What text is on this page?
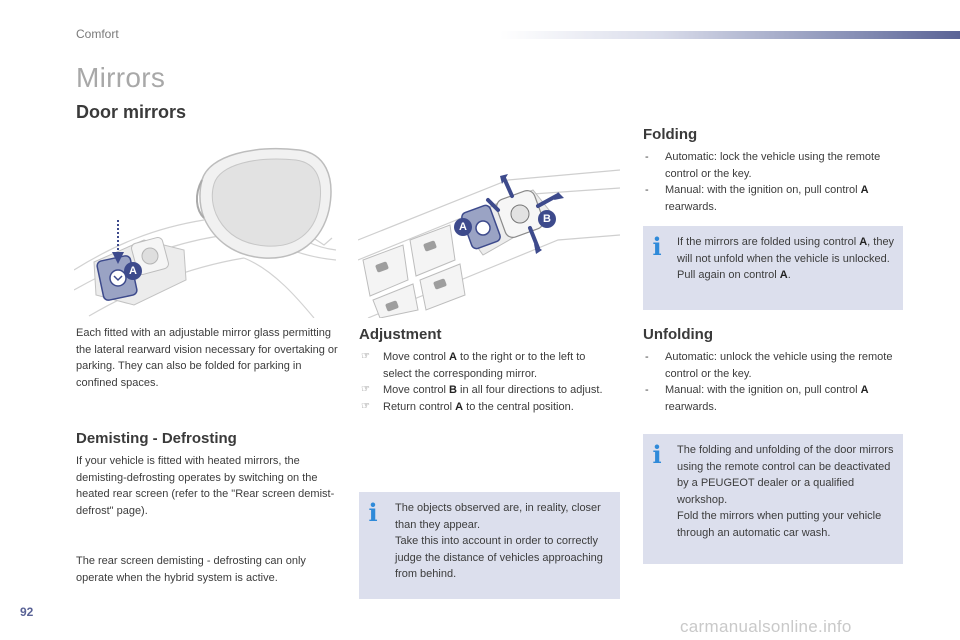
Comfort
Mirrors
Door mirrors
A
A
B

Each fitted with an adjustable mirror glass permitting the lateral rearward vision necessary for overtaking or parking. They can also be folded for parking in confined spaces.

Demisting - Defrosting

If your vehicle is fitted with heated mirrors, the demisting-defrosting operates by switching on the heated rear screen (refer to the "Rear screen demist-defrost" page).

The rear screen demisting - defrosting can only operate when the hybrid system is active.

Adjustment
☞ Move control A to the right or to the left to select the corresponding mirror.
☞ Move control B in all four directions to adjust.
☞ Return control A to the central position.
i The objects observed are, in reality, closer than they appear.
Take this into account in order to correctly judge the distance of vehicles approaching from behind.

Folding
- Automatic: lock the vehicle using the remote control or the key.
- Manual: with the ignition on, pull control A rearwards.
i If the mirrors are folded using control A, they will not unfold when the vehicle is unlocked. Pull again on control A.

Unfolding
- Automatic: unlock the vehicle using the remote control or the key.
- Manual: with the ignition on, pull control A rearwards.
i The folding and unfolding of the door mirrors using the remote control can be deactivated by a PEUGEOT dealer or a qualified workshop.
Fold the mirrors when putting your vehicle through an automatic car wash.

92
carmanualsonline.info
